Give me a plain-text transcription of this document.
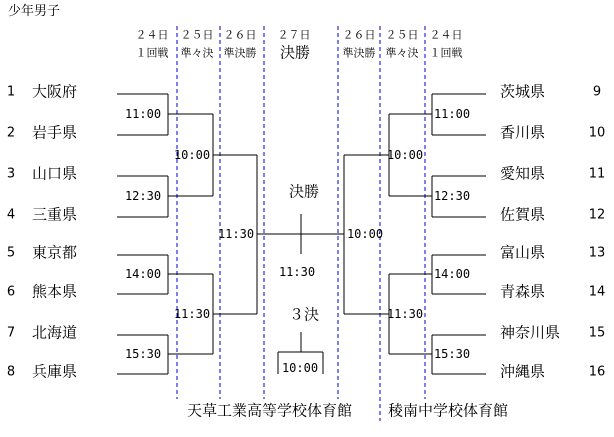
少年男子
２４日
１回戦
２５日
準々決
２６日
準決勝
２７日
決勝
２６日
準決勝
２５日
準々決
２４日
１回戦
1 大阪府
2 岩手県
3 山口県
4 三重県
5 東京都
6 熊本県
7 北海道
8 兵庫県
茨城県	9
香川県	10
愛知県	11
佐賀県	12
富山県	13
青森県	14
神奈川県 15
沖縄県	16
11:00
12:30
14:00
15:30
10:00
11:30
11:30
11:00
12:30
14:00
15:30
10:00
11:30
10:00
決勝
11:30
３決
10:00
天草工業高等学校体育館 稜南中学校体育館
